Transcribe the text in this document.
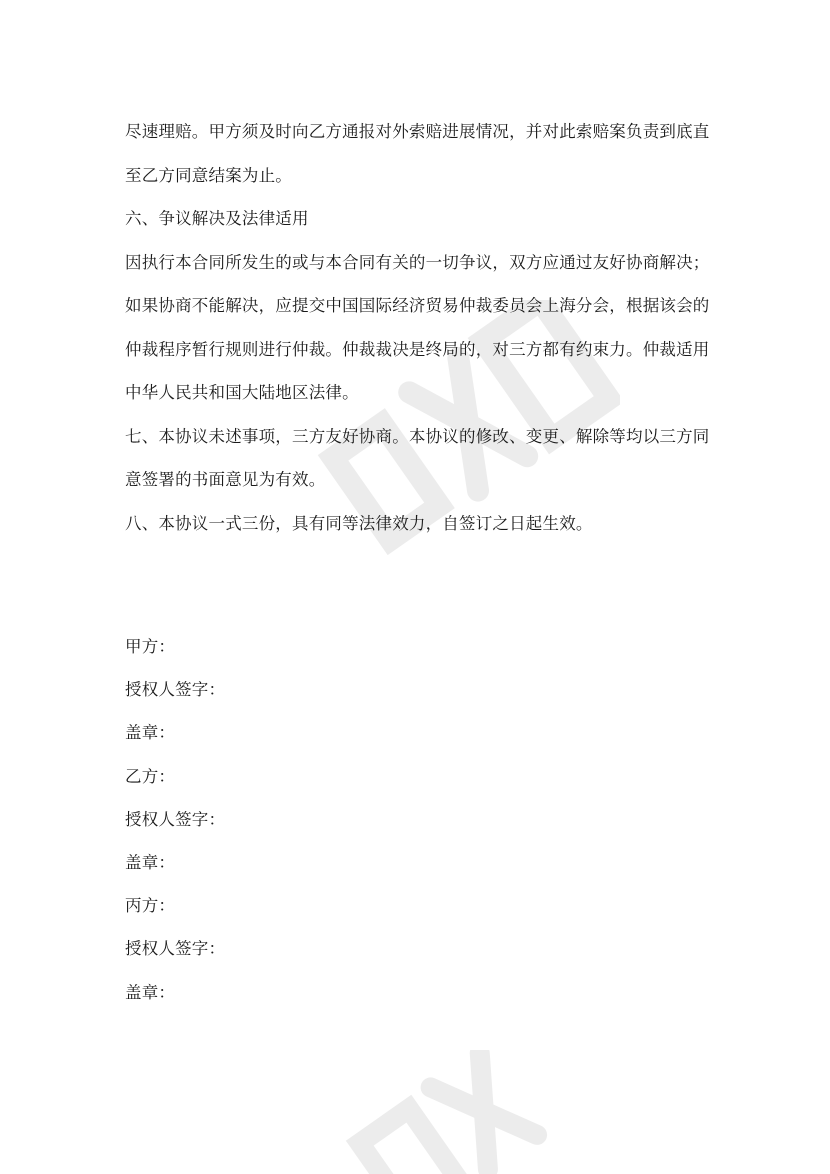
尽速理赔。甲方须及时向乙方通报对外索赔进展情况，并对此索赔案负责到底直
至乙方同意结案为止。
六、争议解决及法律适用
因执行本合同所发生的或与本合同有关的一切争议，双方应通过友好协商解决；
如果协商不能解决，应提交中国国际经济贸易仲裁委员会上海分会，根据该会的
仲裁程序暂行规则进行仲裁。仲裁裁决是终局的，对三方都有约束力。仲裁适用
中华人民共和国大陆地区法律。
七、本协议未述事项，三方友好协商。本协议的修改、变更、解除等均以三方同
意签署的书面意见为有效。
八、本协议一式三份，具有同等法律效力，自签订之日起生效。
甲方：
授权人签字：
盖章：
乙方：
授权人签字：
盖章：
丙方：
授权人签字：
盖章：
